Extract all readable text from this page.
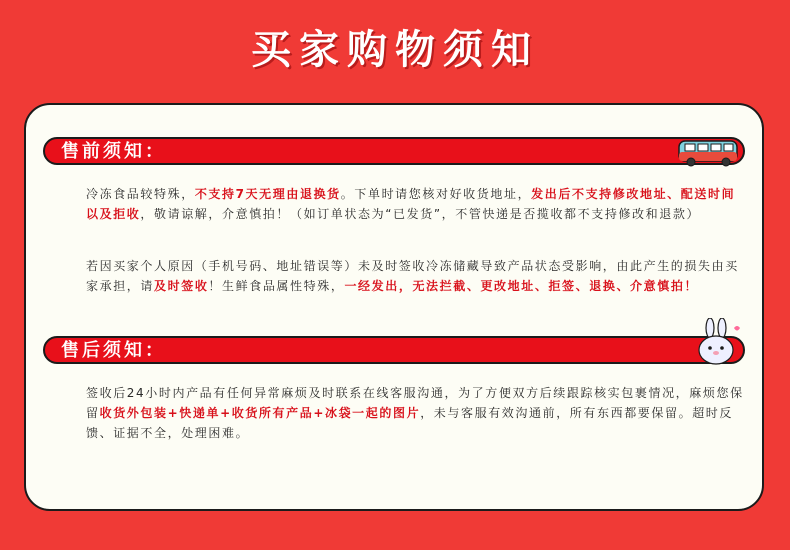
买家购物须知
售前须知：

冷冻食品较特殊，不支持7天无理由退换货。下单时请您核对好收货地址，发出后不支持修改地址、配送时间以及拒收，敬请谅解，介意慎拍！（如订单状态为“已发货”，不管快递是否揽收都不支持修改和退款）

若因买家个人原因（手机号码、地址错误等）未及时签收冷冻储藏导致产品状态受影响，由此产生的损失由买家承担，请及时签收！生鲜食品属性特殊，一经发出，无法拦截、更改地址、拒签、退换、介意慎拍！

售后须知：

签收后24小时内产品有任何异常麻烦及时联系在线客服沟通，为了方便双方后续跟踪核实包裹情况，麻烦您保留收货外包装+快递单+收货所有产品+冰袋一起的图片，未与客服有效沟通前，所有东西都要保留。超时反馈、证据不全，处理困难。
